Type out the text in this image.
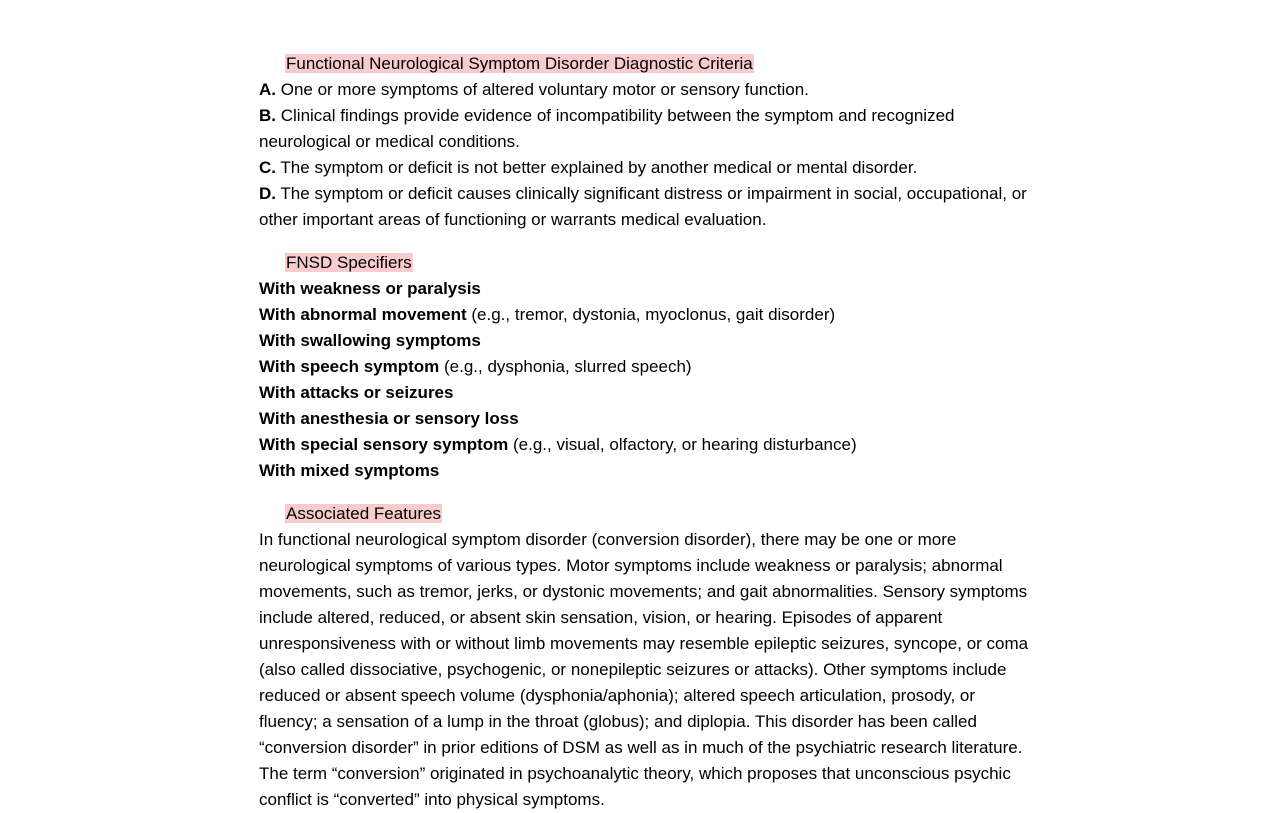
Functional Neurological Symptom Disorder Diagnostic Criteria

A. One or more symptoms of altered voluntary motor or sensory function.

B. Clinical findings provide evidence of incompatibility between the symptom and recognized neurological or medical conditions.

C. The symptom or deficit is not better explained by another medical or mental disorder.

D. The symptom or deficit causes clinically significant distress or impairment in social, occupational, or other important areas of functioning or warrants medical evaluation.

FNSD Specifiers

With weakness or paralysis

With abnormal movement (e.g., tremor, dystonia, myoclonus, gait disorder)

With swallowing symptoms

With speech symptom (e.g., dysphonia, slurred speech)

With attacks or seizures

With anesthesia or sensory loss

With special sensory symptom (e.g., visual, olfactory, or hearing disturbance)

With mixed symptoms

Associated Features

In functional neurological symptom disorder (conversion disorder), there may be one or more neurological symptoms of various types. Motor symptoms include weakness or paralysis; abnormal movements, such as tremor, jerks, or dystonic movements; and gait abnormalities. Sensory symptoms include altered, reduced, or absent skin sensation, vision, or hearing. Episodes of apparent unresponsiveness with or without limb movements may resemble epileptic seizures, syncope, or coma (also called dissociative, psychogenic, or nonepileptic seizures or attacks). Other symptoms include reduced or absent speech volume (dysphonia/aphonia); altered speech articulation, prosody, or fluency; a sensation of a lump in the throat (globus); and diplopia. This disorder has been called “conversion disorder” in prior editions of DSM as well as in much of the psychiatric research literature. The term “conversion” originated in psychoanalytic theory, which proposes that unconscious psychic conflict is “converted” into physical symptoms.
